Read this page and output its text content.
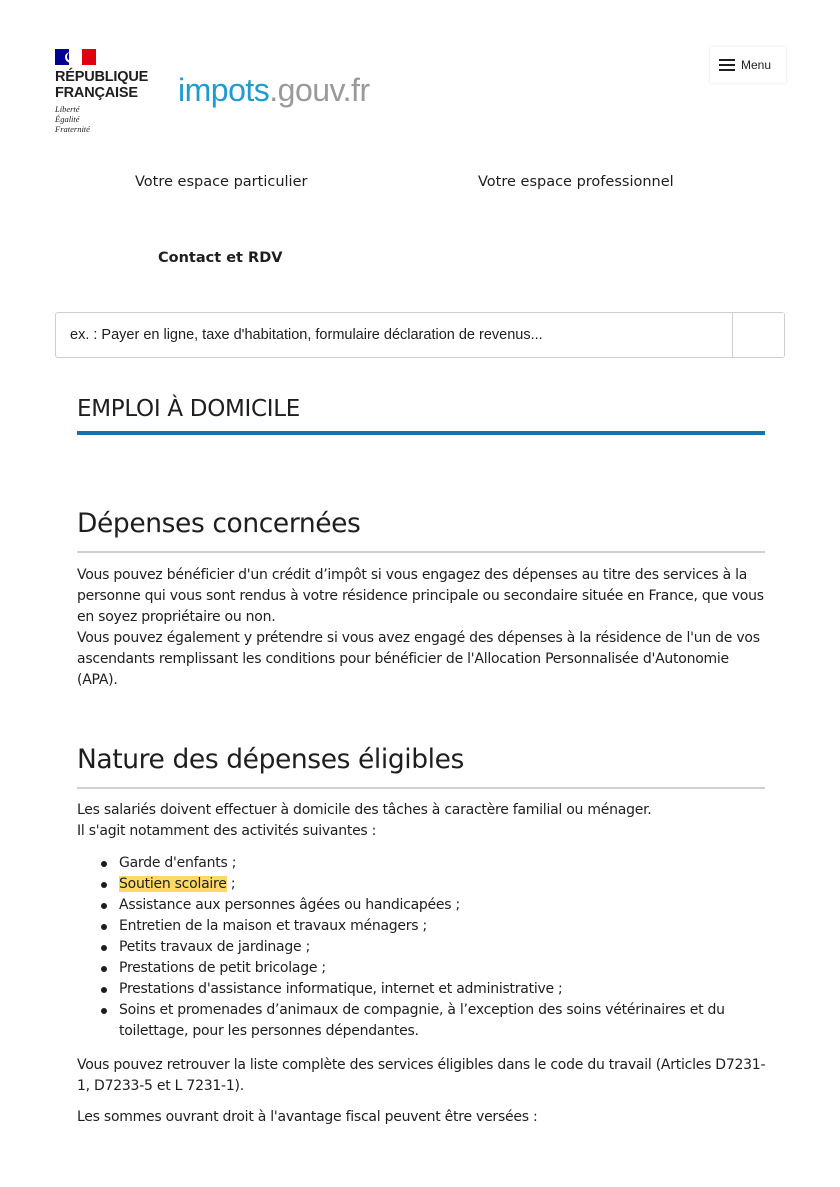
RÉPUBLIQUE
FRANÇAISE
Liberté
Égalité
Fraternité
impots.gouv.fr
Menu
Votre espace particulier	Votre espace professionnel
Contact et RDV
ex. : Payer en ligne, taxe d'habitation, formulaire déclaration de revenus...
EMPLOI À DOMICILE
Dépenses concernées

Vous pouvez bénéficier d'un crédit d’impôt si vous engagez des dépenses au titre des services à la personne qui vous sont rendus à votre résidence principale ou secondaire située en France, que vous en soyez propriétaire ou non.

Vous pouvez également y prétendre si vous avez engagé des dépenses à la résidence de l'un de vos ascendants remplissant les conditions pour bénéficier de l'Allocation Personnalisée d'Autonomie (APA).

Nature des dépenses éligibles

Les salariés doivent effectuer à domicile des tâches à caractère familial ou ménager.

Il s'agit notamment des activités suivantes :

Garde d'enfants ;
Soutien scolaire ;
Assistance aux personnes âgées ou handicapées ;
Entretien de la maison et travaux ménagers ;
Petits travaux de jardinage ;
Prestations de petit bricolage ;
Prestations d'assistance informatique, internet et administrative ;
Soins et promenades d’animaux de compagnie, à l’exception des soins vétérinaires et du toilettage, pour les personnes dépendantes.

Vous pouvez retrouver la liste complète des services éligibles dans le code du travail (Articles D7231-1, D7233-5 et L 7231-1).

Les sommes ouvrant droit à l'avantage fiscal peuvent être versées :
